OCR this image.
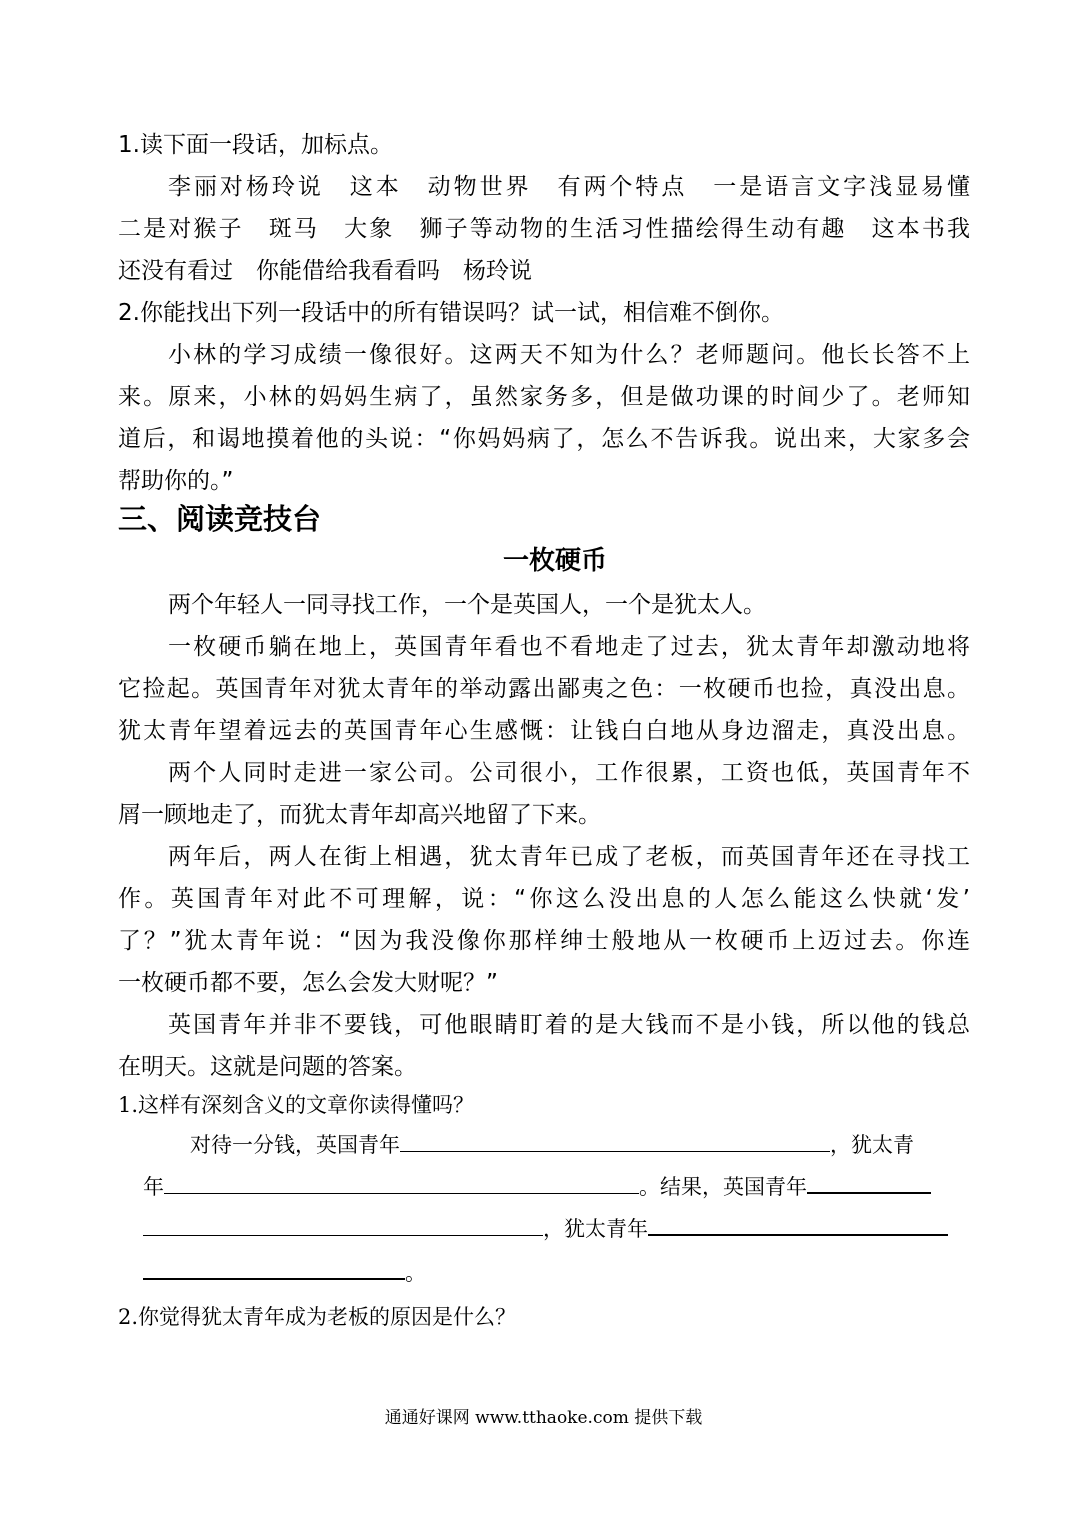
1.读下面一段话，加标点。
李丽对杨玲说　这本　动物世界　有两个特点　一是语言文字浅显易懂
二是对猴子　斑马　大象　狮子等动物的生活习性描绘得生动有趣　这本书我
还没有看过　你能借给我看看吗　杨玲说
2.你能找出下列一段话中的所有错误吗？试一试，相信难不倒你。
小林的学习成绩一像很好。这两天不知为什么？老师题问。他长长答不上
来。原来，小林的妈妈生病了，虽然家务多，但是做功课的时间少了。老师知
道后，和谒地摸着他的头说：“你妈妈病了，怎么不告诉我。说出来，大家多会
帮助你的。”
三、阅读竞技台
一枚硬币
两个年轻人一同寻找工作，一个是英国人，一个是犹太人。
一枚硬币躺在地上，英国青年看也不看地走了过去，犹太青年却激动地将
它捡起。英国青年对犹太青年的举动露出鄙夷之色：一枚硬币也捡，真没出息。
犹太青年望着远去的英国青年心生感慨：让钱白白地从身边溜走，真没出息。
两个人同时走进一家公司。公司很小，工作很累，工资也低，英国青年不
屑一顾地走了，而犹太青年却高兴地留了下来。
两年后，两人在街上相遇，犹太青年已成了老板，而英国青年还在寻找工
作。英国青年对此不可理解，说：“你这么没出息的人怎么能这么快就‘发’
了？”犹太青年说：“因为我没像你那样绅士般地从一枚硬币上迈过去。你连
一枚硬币都不要，怎么会发大财呢？”
英国青年并非不要钱，可他眼睛盯着的是大钱而不是小钱，所以他的钱总
在明天。这就是问题的答案。
1.这样有深刻含义的文章你读得懂吗？
对待一分钱，英国青年	，犹太青
年	。结果，英国青年
，犹太青年
。
2.你觉得犹太青年成为老板的原因是什么？
通通好课网 www.tthaoke.com 提供下载
